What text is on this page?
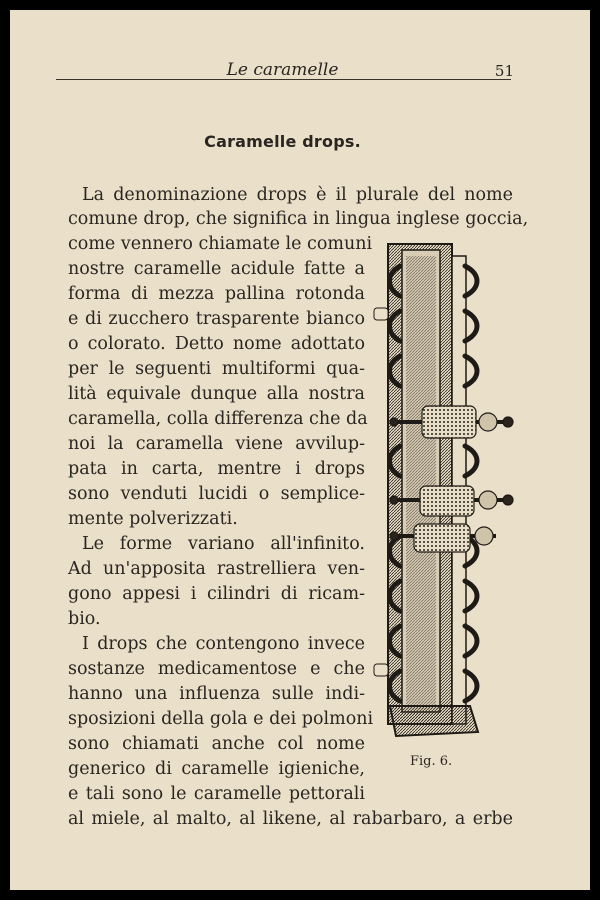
Le caramelle	51
Caramelle drops.
La denominazione drops è il plurale del nome
comune drop, che significa in lingua inglese goccia,
come vennero chiamate le comuni
nostre caramelle acidule fatte a
forma di mezza pallina rotonda
e di zucchero trasparente bianco
o colorato. Detto nome adottato
per le seguenti multiformi qua-
lità equivale dunque alla nostra
caramella, colla differenza che da
noi la caramella viene avvilup-
pata in carta, mentre i drops
sono venduti lucidi o semplice-
mente polverizzati.
Le forme variano all'infinito.
Ad un'apposita rastrelliera ven-
gono appesi i cilindri di ricam-
bio.
I drops che contengono invece
sostanze medicamentose e che
hanno una influenza sulle indi-
sposizioni della gola e dei polmoni
sono chiamati anche col nome
generico di caramelle igieniche,
e tali sono le caramelle pettorali
al miele, al malto, al likene, al rabarbaro, a erbe
Fig. 6.
